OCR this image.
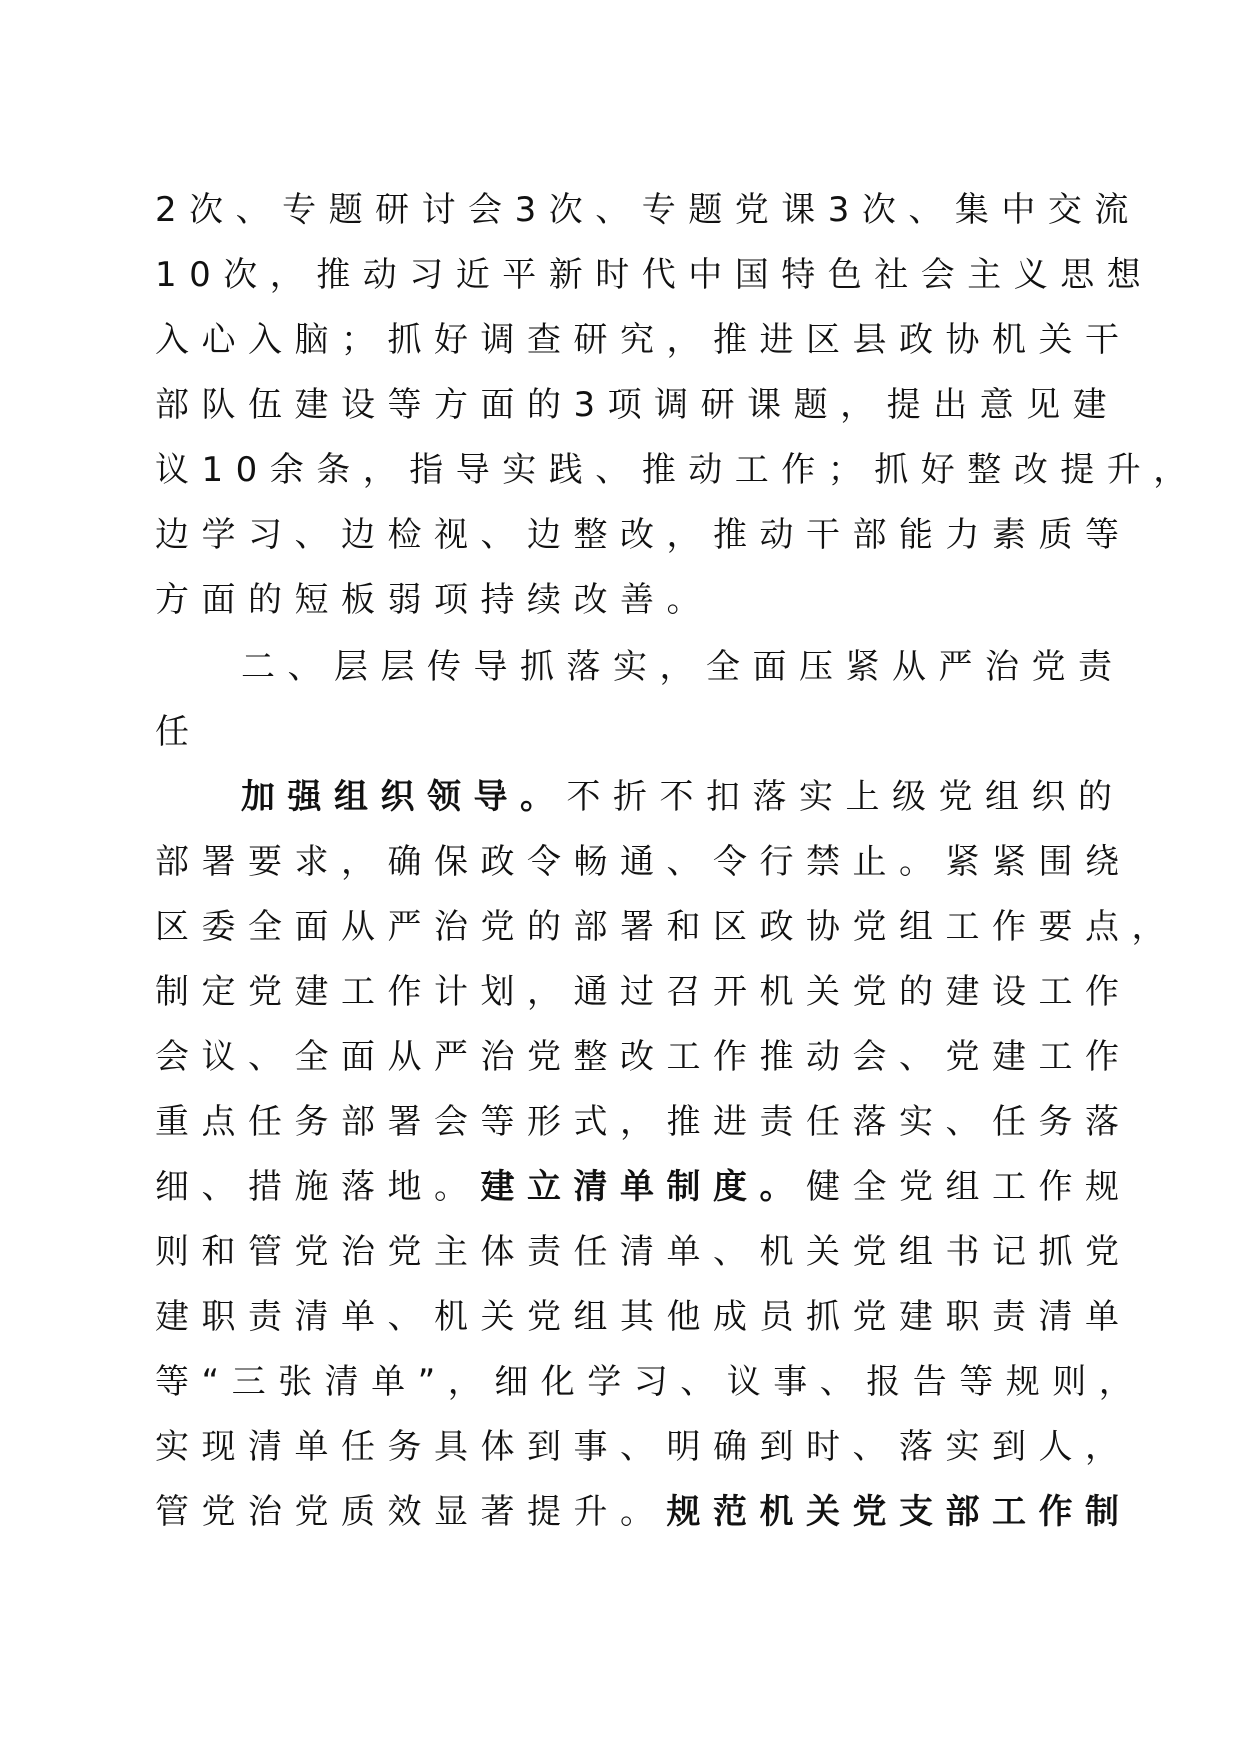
2次、专题研讨会3次、专题党课3次、集中交流
10次，推动习近平新时代中国特色社会主义思想
入心入脑；抓好调查研究，推进区县政协机关干
部队伍建设等方面的3项调研课题，提出意见建
议10余条，指导实践、推动工作；抓好整改提升，
边学习、边检视、边整改，推动干部能力素质等
方面的短板弱项持续改善。
二、层层传导抓落实，全面压紧从严治党责
任
加强组织领导。不折不扣落实上级党组织的
部署要求，确保政令畅通、令行禁止。紧紧围绕
区委全面从严治党的部署和区政协党组工作要点，
制定党建工作计划，通过召开机关党的建设工作
会议、全面从严治党整改工作推动会、党建工作
重点任务部署会等形式，推进责任落实、任务落
细、措施落地。建立清单制度。健全党组工作规
则和管党治党主体责任清单、机关党组书记抓党
建职责清单、机关党组其他成员抓党建职责清单
等“三张清单”，细化学习、议事、报告等规则，
实现清单任务具体到事、明确到时、落实到人，
管党治党质效显著提升。规范机关党支部工作制
